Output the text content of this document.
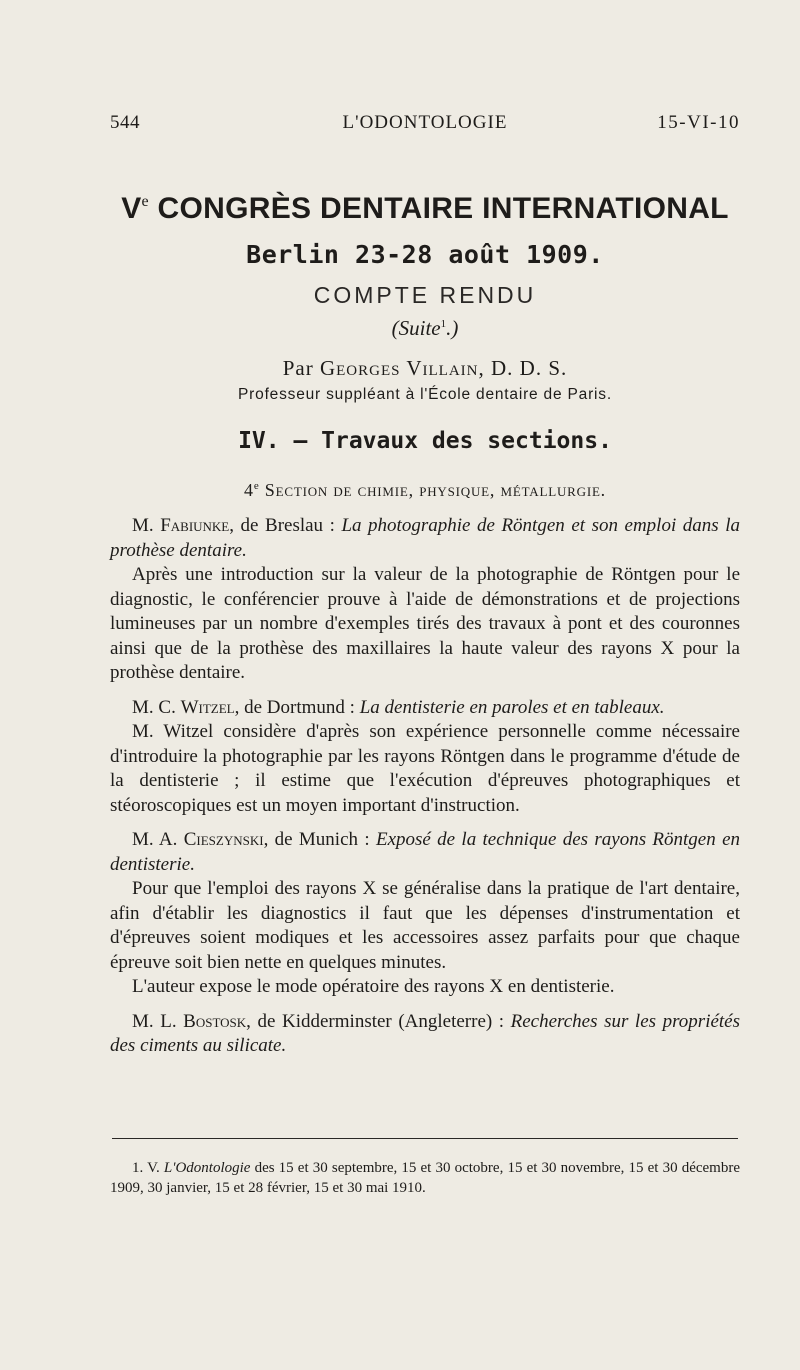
544	L'ODONTOLOGIE	15-VI-10
Ve CONGRÈS DENTAIRE INTERNATIONAL
Berlin 23-28 août 1909.
COMPTE RENDU
(Suite$^1$.)
Par Georges Villain, D. D. S.
Professeur suppléant à l'École dentaire de Paris.
IV. — Travaux des sections.
4e Section de chimie, physique, métallurgie.

M. Fabiunke, de Breslau : La photographie de Röntgen et son emploi dans la prothèse dentaire.

Après une introduction sur la valeur de la photographie de Röntgen pour le diagnostic, le conférencier prouve à l'aide de démonstrations et de projections lumineuses par un nombre d'exemples tirés des travaux à pont et des couronnes ainsi que de la prothèse des maxillaires la haute valeur des rayons X pour la prothèse dentaire.

M. C. Witzel, de Dortmund : La dentisterie en paroles et en tableaux.

M. Witzel considère d'après son expérience personnelle comme nécessaire d'introduire la photographie par les rayons Röntgen dans le programme d'étude de la dentisterie ; il estime que l'exécution d'épreuves photographiques et stéoroscopiques est un moyen important d'instruction.

M. A. Cieszynski, de Munich : Exposé de la technique des rayons Röntgen en dentisterie.

Pour que l'emploi des rayons X se généralise dans la pratique de l'art dentaire, afin d'établir les diagnostics il faut que les dépenses d'instrumentation et d'épreuves soient modiques et les accessoires assez parfaits pour que chaque épreuve soit bien nette en quelques minutes.

L'auteur expose le mode opératoire des rayons X en dentisterie.

M. L. Bostosk, de Kidderminster (Angleterre) : Recherches sur les propriétés des ciments au silicate.

1. V. L'Odontologie des 15 et 30 septembre, 15 et 30 octobre, 15 et 30 novembre, 15 et 30 décembre 1909, 30 janvier, 15 et 28 février, 15 et 30 mai 1910.
